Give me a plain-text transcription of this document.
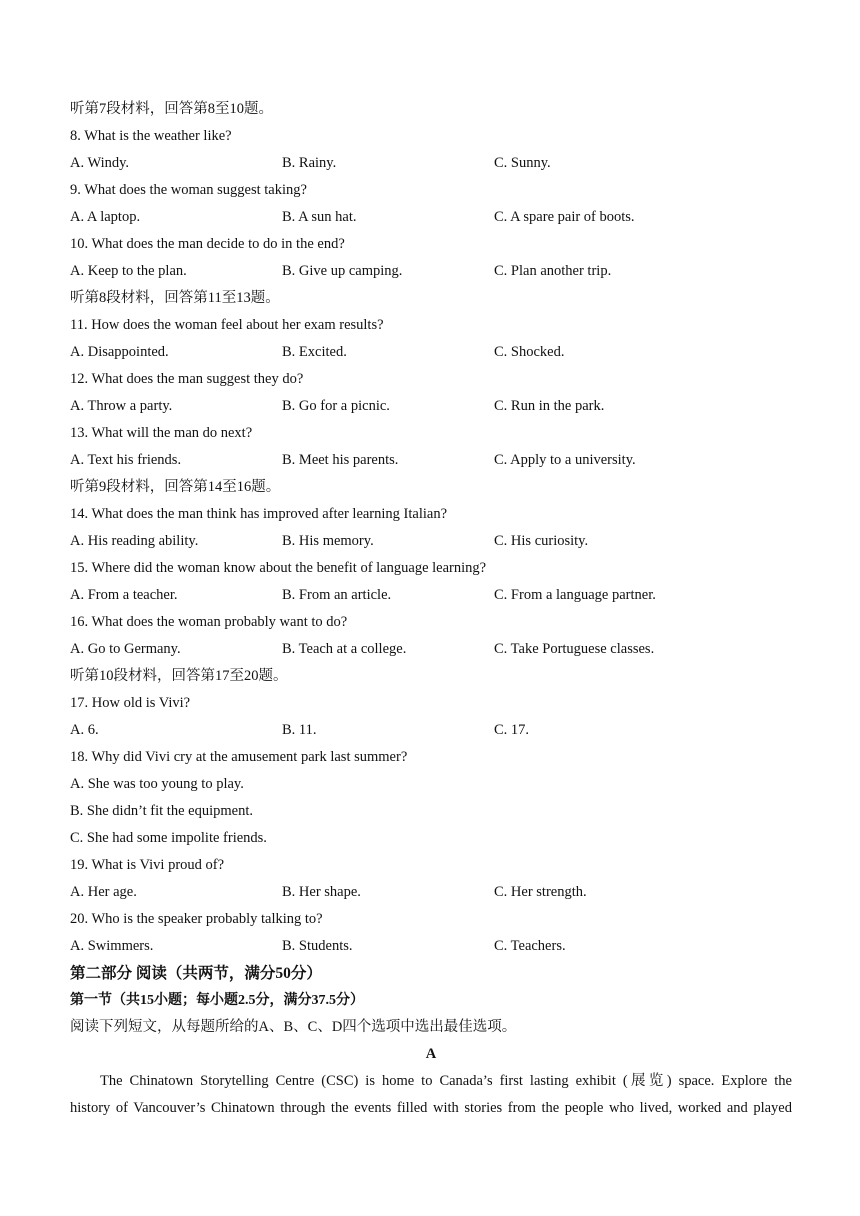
听第7段材料，回答第8至10题。
8. What is the weather like?
A. Windy.	B. Rainy.	C. Sunny.
9. What does the woman suggest taking?
A. A laptop.	B. A sun hat.	C. A spare pair of boots.
10. What does the man decide to do in the end?
A. Keep to the plan.	B. Give up camping.	C. Plan another trip.
听第8段材料，回答第11至13题。
11. How does the woman feel about her exam results?
A. Disappointed.	B. Excited.	C. Shocked.
12. What does the man suggest they do?
A. Throw a party.	B. Go for a picnic.	C. Run in the park.
13. What will the man do next?
A. Text his friends.	B. Meet his parents.	C. Apply to a university.
听第9段材料，回答第14至16题。
14. What does the man think has improved after learning Italian?
A. His reading ability.	B. His memory.	C. His curiosity.
15. Where did the woman know about the benefit of language learning?
A. From a teacher.	B. From an article.	C. From a language partner.
16. What does the woman probably want to do?
A. Go to Germany.	B. Teach at a college.	C. Take Portuguese classes.
听第10段材料，回答第17至20题。
17. How old is Vivi?
A. 6.	B. 11.	C. 17.
18. Why did Vivi cry at the amusement park last summer?
A. She was too young to play.
B. She didn’t fit the equipment.
C. She had some impolite friends.
19. What is Vivi proud of?
A. Her age.	B. Her shape.	C. Her strength.
20. Who is the speaker probably talking to?
A. Swimmers.	B. Students.	C. Teachers.
第二部分 阅读（共两节，满分50分）
第一节（共15小题；每小题2.5分，满分37.5分）
阅读下列短文，从每题所给的A、B、C、D四个选项中选出最佳选项。
A
The Chinatown Storytelling Centre (CSC) is home to Canada’s first lasting exhibit (展览) space. Explore the
history of Vancouver’s Chinatown through the events filled with stories from the people who lived, worked and played
